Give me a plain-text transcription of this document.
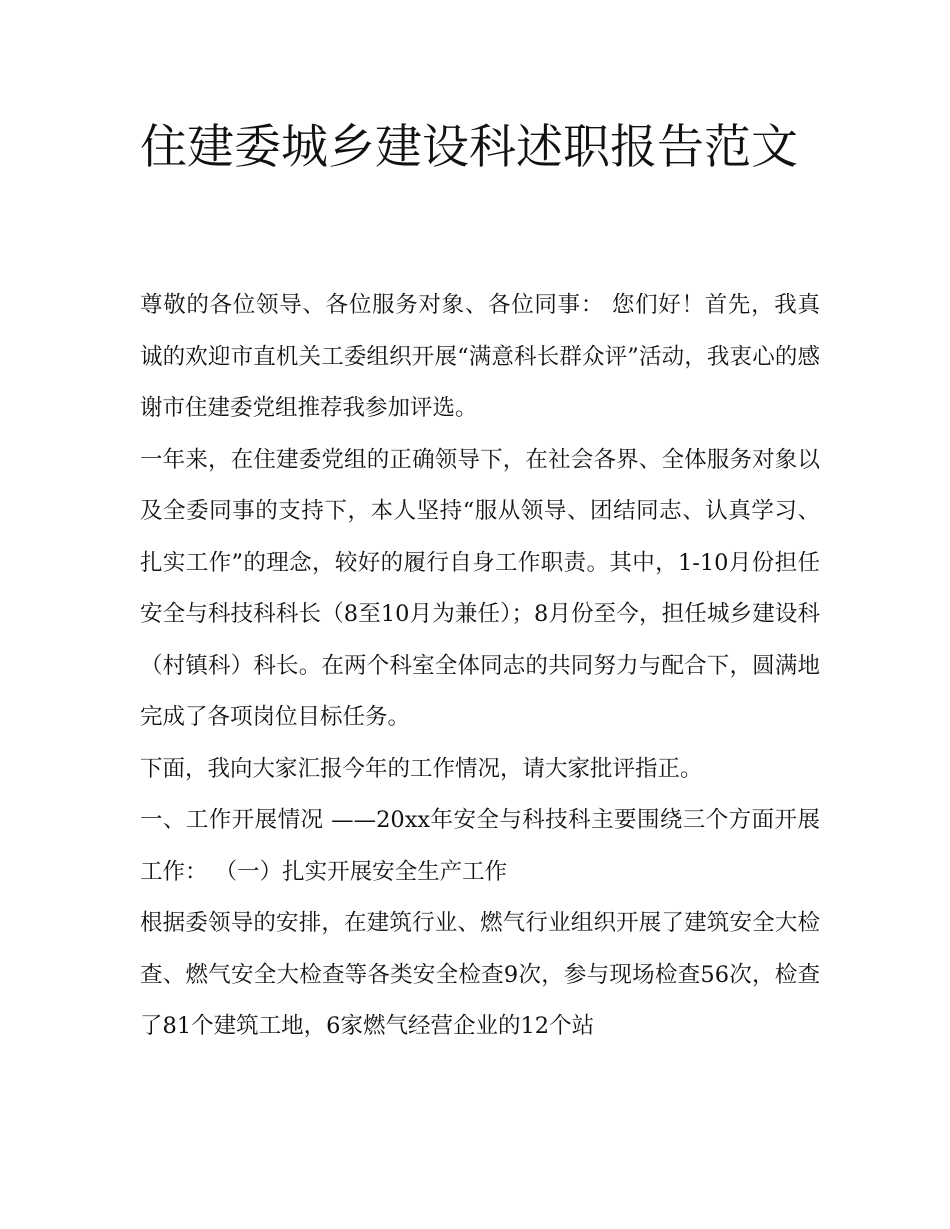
住建委城乡建设科述职报告范文

尊敬的各位领导、各位服务对象、各位同事： 您们好！首先，我真诚的欢迎市直机关工委组织开展“满意科长群众评”活动，我衷心的感谢市住建委党组推荐我参加评选。

一年来，在住建委党组的正确领导下，在社会各界、全体服务对象以及全委同事的支持下，本人坚持“服从领导、团结同志、认真学习、扎实工作”的理念，较好的履行自身工作职责。其中，1-10月份担任安全与科技科科长（8至10月为兼任）；8月份至今，担任城乡建设科（村镇科）科长。在两个科室全体同志的共同努力与配合下，圆满地完成了各项岗位目标任务。

下面，我向大家汇报今年的工作情况，请大家批评指正。

一、工作开展情况 ——20xx年安全与科技科主要围绕三个方面开展工作： （一）扎实开展安全生产工作

根据委领导的安排，在建筑行业、燃气行业组织开展了建筑安全大检查、燃气安全大检查等各类安全检查9次，参与现场检查56次，检查了81个建筑工地，6家燃气经营企业的12个站
